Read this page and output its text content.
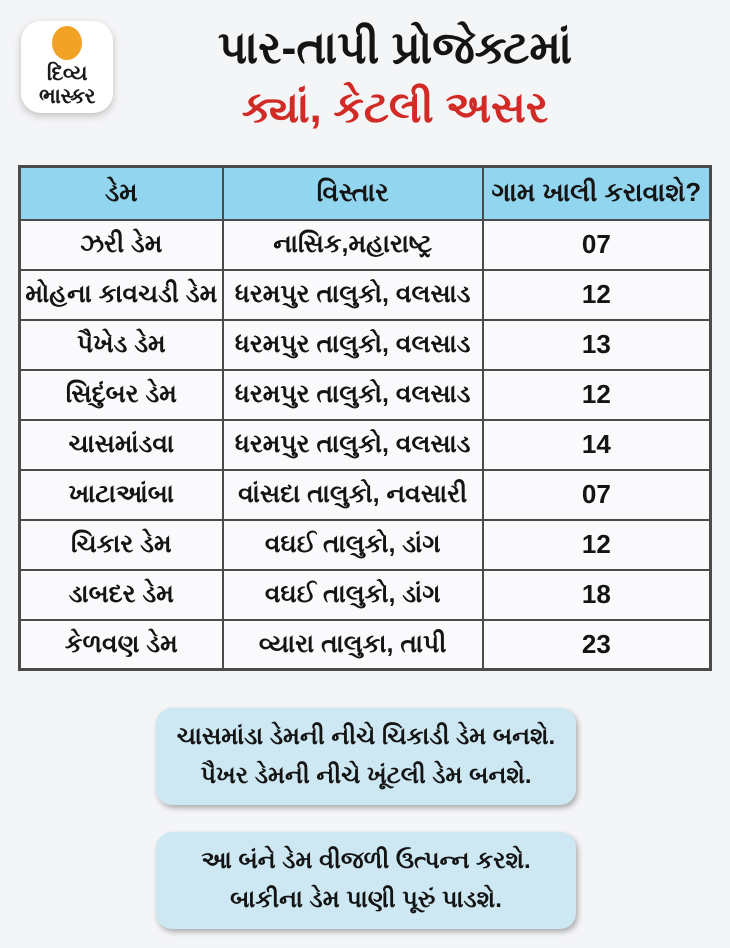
દિવ્ય
ભાસ્કર
પાર-તાપી પ્રોજેક્ટમાં
ક્યાં, કેટલી અસર
ડેમ	વિસ્તાર	ગામ ખાલી કરાવાશે?
ઝરી ડેમ	નાસિક,મહારાષ્ટ્ર	07
મોહના કાવચડી ડેમ	ધરમપુર તાલુકો, વલસાડ	12
પૈખેડ ડેમ	ધરમપુર તાલુકો, વલસાડ	13
સિદુંબર ડેમ	ધરમપુર તાલુકો, વલસાડ	12
ચાસમાંડવા	ધરમપુર તાલુકો, વલસાડ	14
ખાટાઆંબા	વાંસદા તાલુકો, નવસારી	07
ચિકાર ડેમ	વઘઈ તાલુકો, ડાંગ	12
ડાબદર ડેમ	વઘઈ તાલુકો, ડાંગ	18
કેળવણ ડેમ	વ્યારા તાલુકા, તાપી	23
ચાસમાંડા ડેમની નીચે ચિકાડી ડેમ બનશે.
પૈખર ડેમની નીચે ખૂંટલી ડેમ બનશે.
આ બંને ડેમ વીજળી ઉત્પન્ન કરશે.
બાકીના ડેમ પાણી પૂરું પાડશે.
